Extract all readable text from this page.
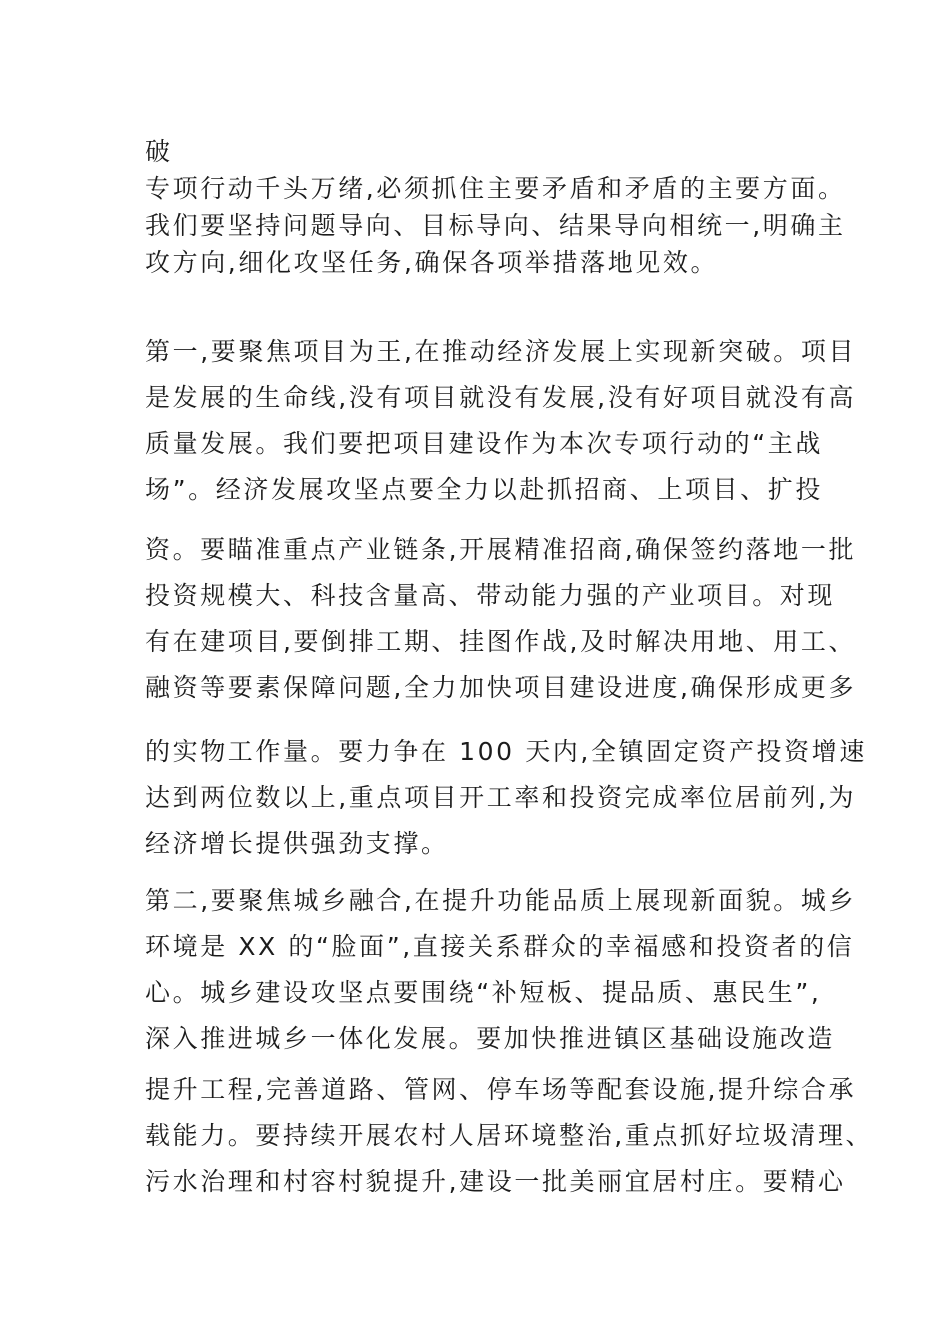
破
专项行动千头万绪,必须抓住主要矛盾和矛盾的主要方面。
我们要坚持问题导向、目标导向、结果导向相统一,明确主
攻方向,细化攻坚任务,确保各项举措落地见效。
第一,要聚焦项目为王,在推动经济发展上实现新突破。项目
是发展的生命线,没有项目就没有发展,没有好项目就没有高
质量发展。我们要把项目建设作为本次专项行动的“主战
场”。经济发展攻坚点要全力以赴抓招商、上项目、扩投
资。要瞄准重点产业链条,开展精准招商,确保签约落地一批
投资规模大、科技含量高、带动能力强的产业项目。对现
有在建项目,要倒排工期、挂图作战,及时解决用地、用工、
融资等要素保障问题,全力加快项目建设进度,确保形成更多
的实物工作量。要力争在 100 天内,全镇固定资产投资增速
达到两位数以上,重点项目开工率和投资完成率位居前列,为
经济增长提供强劲支撑。
第二,要聚焦城乡融合,在提升功能品质上展现新面貌。城乡
环境是 XX 的“脸面”,直接关系群众的幸福感和投资者的信
心。城乡建设攻坚点要围绕“补短板、提品质、惠民生”,
深入推进城乡一体化发展。要加快推进镇区基础设施改造
提升工程,完善道路、管网、停车场等配套设施,提升综合承
载能力。要持续开展农村人居环境整治,重点抓好垃圾清理、
污水治理和村容村貌提升,建设一批美丽宜居村庄。要精心
